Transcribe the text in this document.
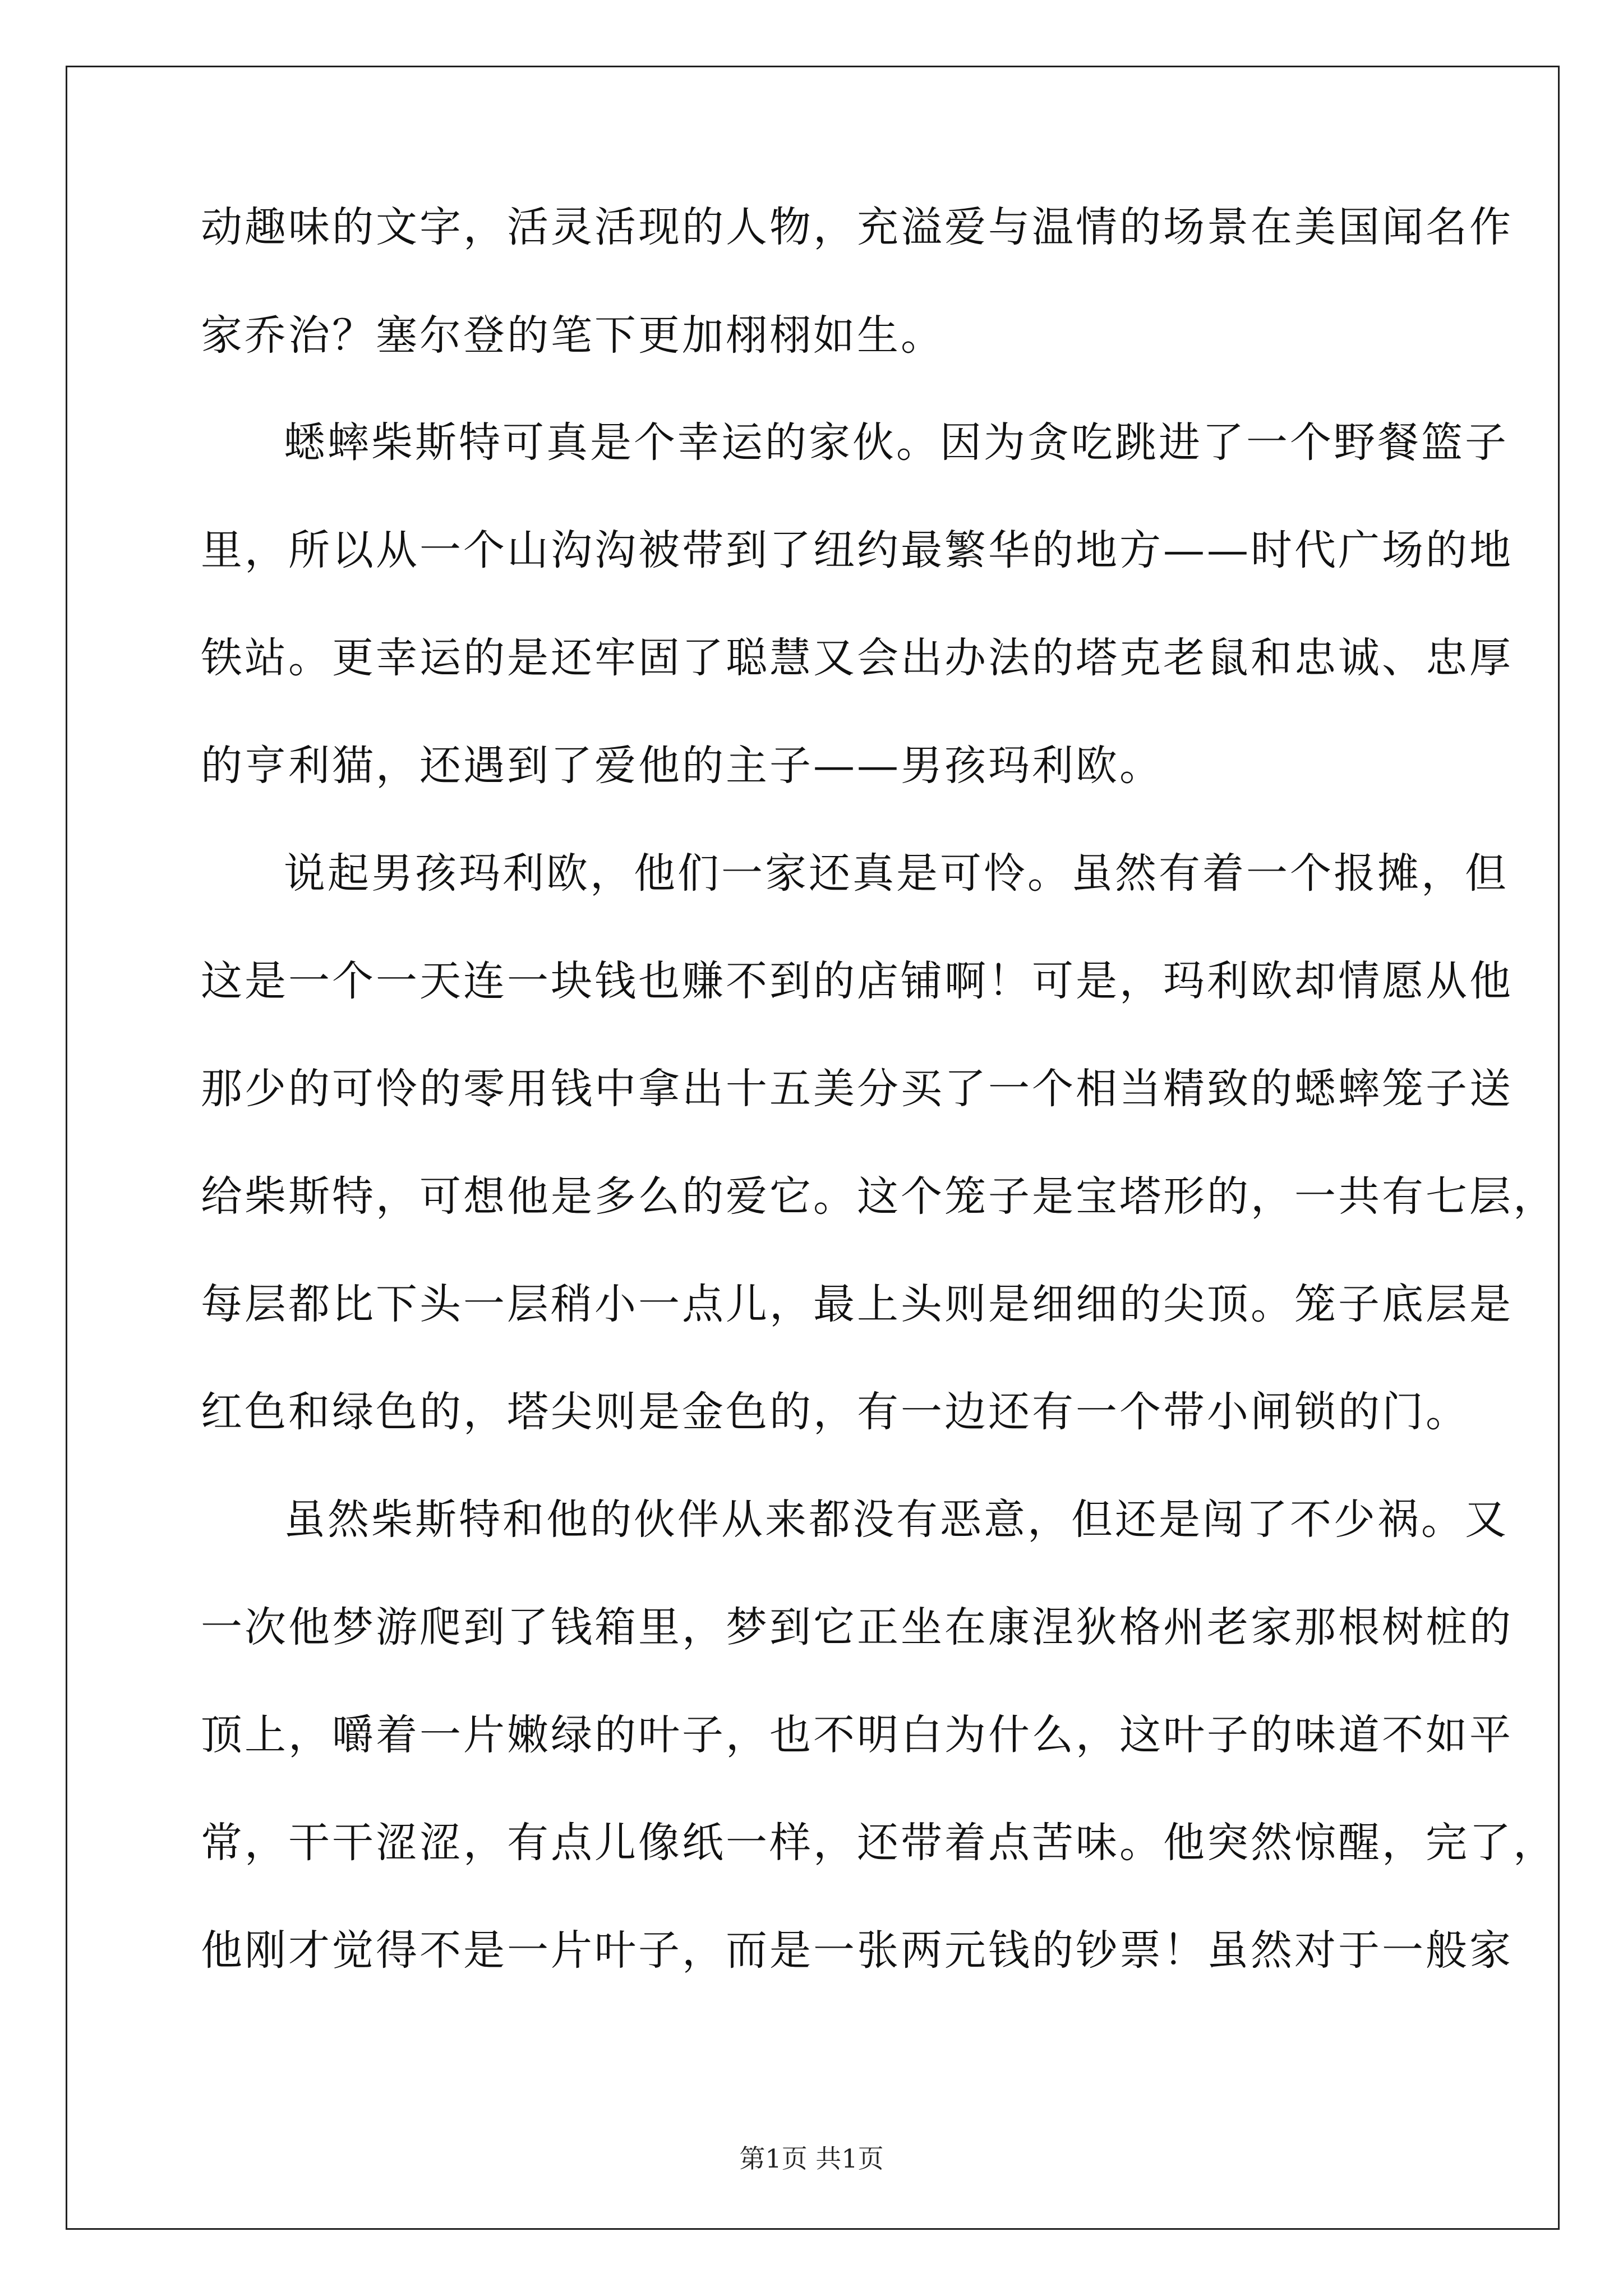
动趣味的文字，活灵活现的人物，充溢爱与温情的场景在美国闻名作
家乔治？塞尔登的笔下更加栩栩如生。
蟋蟀柴斯特可真是个幸运的家伙。因为贪吃跳进了一个野餐篮子
里，所以从一个山沟沟被带到了纽约最繁华的地方——时代广场的地
铁站。更幸运的是还牢固了聪慧又会出办法的塔克老鼠和忠诚、忠厚
的亨利猫，还遇到了爱他的主子——男孩玛利欧。
说起男孩玛利欧，他们一家还真是可怜。虽然有着一个报摊，但
这是一个一天连一块钱也赚不到的店铺啊！可是，玛利欧却情愿从他
那少的可怜的零用钱中拿出十五美分买了一个相当精致的蟋蟀笼子送
给柴斯特，可想他是多么的爱它。这个笼子是宝塔形的，一共有七层，
每层都比下头一层稍小一点儿，最上头则是细细的尖顶。笼子底层是
红色和绿色的，塔尖则是金色的，有一边还有一个带小闸锁的门。
虽然柴斯特和他的伙伴从来都没有恶意，但还是闯了不少祸。又
一次他梦游爬到了钱箱里，梦到它正坐在康涅狄格州老家那根树桩的
顶上，嚼着一片嫩绿的叶子，也不明白为什么，这叶子的味道不如平
常，干干涩涩，有点儿像纸一样，还带着点苦味。他突然惊醒，完了，
他刚才觉得不是一片叶子，而是一张两元钱的钞票！虽然对于一般家
第1页 共1页
